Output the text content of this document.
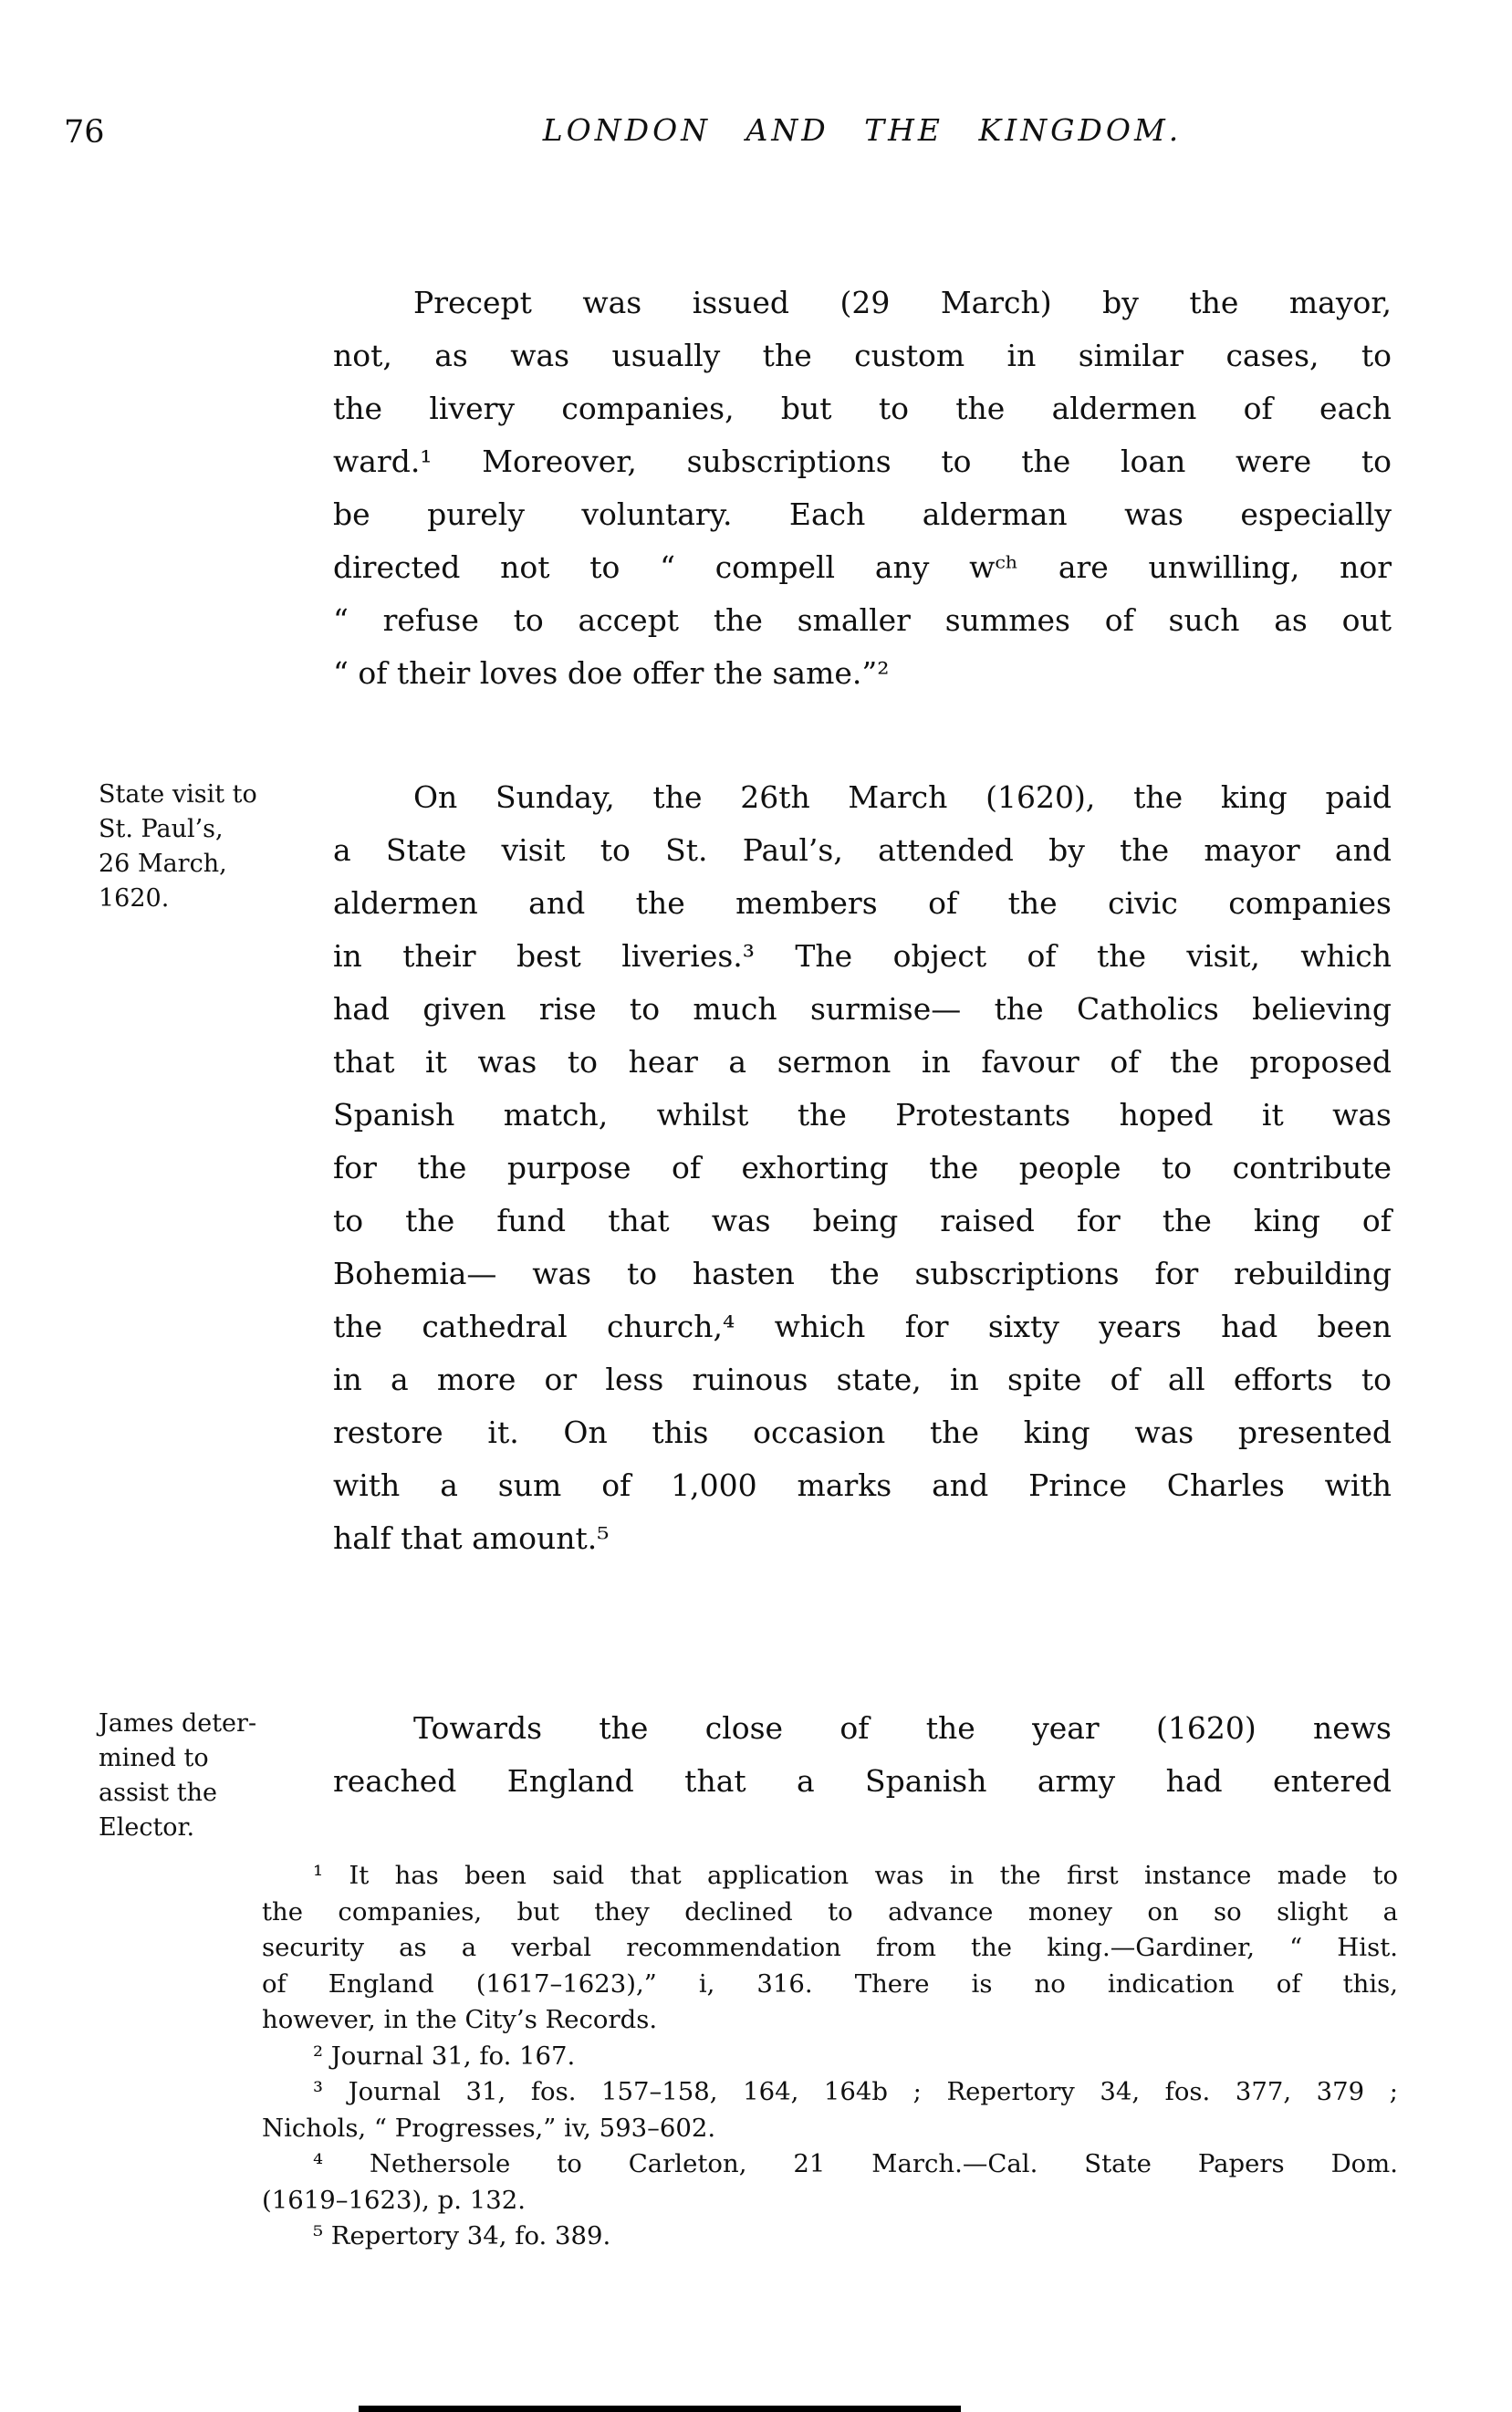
76	LONDON AND THE KINGDOM.
State visit to
St. Paul’s,
26 March,
1620.
James deter-
mined to
assist the
Elector.
Precept was issued (29 March) by the mayor,
not, as was usually the custom in similar cases, to
the livery companies, but to the aldermen of each
ward.¹ Moreover, subscriptions to the loan were to
be purely voluntary. Each alderman was especially
directed not to “ compell any wᶜʰ are unwilling, nor
“ refuse to accept the smaller summes of such as out
“ of their loves doe offer the same.”²
On Sunday, the 26th March (1620), the king paid
a State visit to St. Paul’s, attended by the mayor and
aldermen and the members of the civic companies
in their best liveries.³ The object of the visit, which
had given rise to much surmise— the Catholics believing
that it was to hear a sermon in favour of the proposed
Spanish match, whilst the Protestants hoped it was
for the purpose of exhorting the people to contribute
to the fund that was being raised for the king of
Bohemia— was to hasten the subscriptions for rebuilding
the cathedral church,⁴ which for sixty years had been
in a more or less ruinous state, in spite of all efforts to
restore it. On this occasion the king was presented
with a sum of 1,000 marks and Prince Charles with
half that amount.⁵
Towards the close of the year (1620) news
reached England that a Spanish army had entered
¹ It has been said that application was in the first instance made to
the companies, but they declined to advance money on so slight a
security as a verbal recommendation from the king.—Gardiner, “ Hist.
of England (1617–1623),” i, 316. There is no indication of this,
however, in the City’s Records.
² Journal 31, fo. 167.
³ Journal 31, fos. 157–158, 164, 164b ; Repertory 34, fos. 377, 379 ;
Nichols, “ Progresses,” iv, 593–602.
⁴ Nethersole to Carleton, 21 March.—Cal. State Papers Dom.
(1619–1623), p. 132.
⁵ Repertory 34, fo. 389.
